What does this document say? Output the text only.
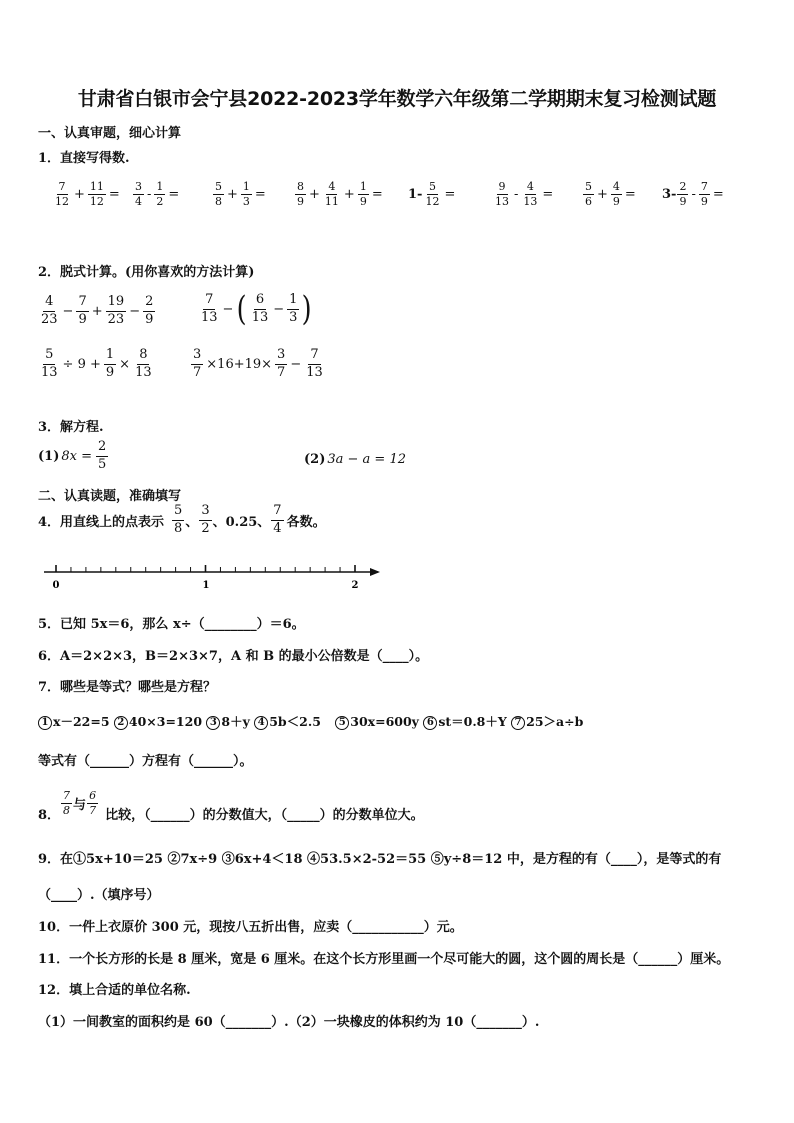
甘肃省白银市会宁县2022-2023学年数学六年级第二学期期末复习检测试题
一、认真审题，细心计算
1．直接写得数.
$\frac{7}{12} + \frac{11}{12} = \frac{3}{4} - \frac{1}{2}$ =	$\frac{5}{8} + \frac{1}{3}$ =	$\frac{8}{9} + \frac{4}{11} + \frac{1}{9} = 1- \frac{5}{12}$ =	$\frac{9}{13} - \frac{4}{13}$ =	$\frac{5}{6} + \frac{4}{9} = 3- \frac{2}{9} - \frac{7}{9}$ =
2．脱式计算。(用你喜欢的方法计算)
$\frac{4}{23} - \frac{7}{9} + \frac{19}{23} - \frac{2}{9}$	$\frac{7}{13}$ − ( $\frac{6}{13} - \frac{1}{3}$ )
$\frac{5}{13} \div 9 + \frac{1}{9} \times \frac{8}{13}$	$\frac{3}{7} \times 16+19\times \frac{3}{7} - \frac{7}{13}$
3．解方程.
(1) $8x = \frac{2}{5}$	(2) 3a − a = 12
二、认真读题，准确填写
4．用直线上的点表示 $\frac{5}{8}$ 、 $\frac{3}{2}$ 、0.25、 $\frac{7}{4}$ 各数。
0	1	2
5．已知 5x＝6，那么 x÷（________）＝6。
6．A＝2×2×3，B＝2×3×7，A 和 B 的最小公倍数是（____）。
7．哪些是等式？哪些是方程？
1 x－22=5 2 40×3=120 3 8＋y 4 5b＜2.5 5 30x=600y 6 st＝0.8＋Y 7 25＞a÷b
等式有（______）方程有（______）。
8． $\frac{7}{8}$ 与 $\frac{6}{7}$ 比较，（______）的分数值大，（_____）的分数单位大。
9．在①5x+10＝25 ②7x÷9 ③6x+4＜18 ④53.5×2-52＝55 ⑤y÷8＝12 中，是方程的有（____），是等式的有
（____）.（填序号）
10．一件上衣原价 300 元，现按八五折出售，应卖（___________）元。
11．一个长方形的长是 8 厘米，宽是 6 厘米。在这个长方形里画一个尽可能大的圆，这个圆的周长是（______）厘米。
12．填上合适的单位名称.
（1）一间教室的面积约是 60（_______）.（2）一块橡皮的体积约为 10（_______）.
